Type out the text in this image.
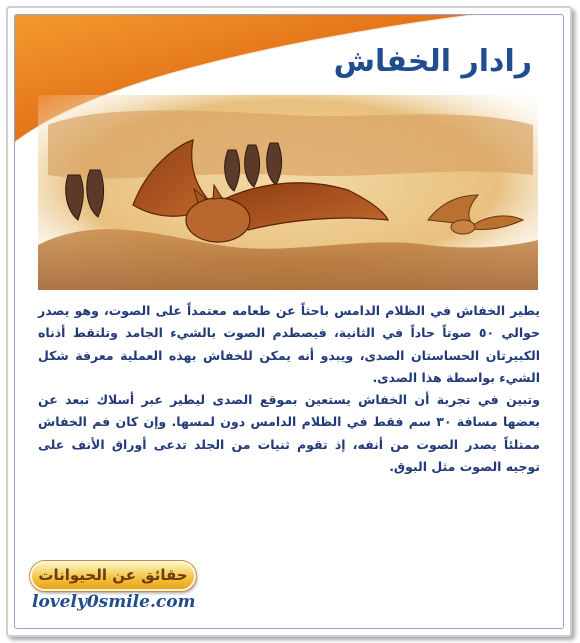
رادار الخفاش

يطير الخفاش في الظلام الدامس باحثاً عن طعامه معتمداً على الصوت، وهو يصدر حوالي ٥٠ صوتاً حاداً في الثانية، فيصطدم الصوت بالشيء الجامد وتلتقط أذناه الكبيرتان الحساستان الصدى، ويبدو أنه يمكن للخفاش بهذه العملية معرفة شكل الشيء بواسطة هذا الصدى.

وتبين في تجربة أن الخفاش يستعين بموقع الصدى ليطير عبر أسلاك تبعد عن بعضها مسافة ٣٠ سم فقط في الظلام الدامس دون لمسها. وإن كان فم الخفاش ممتلئاً يصدر الصوت من أنفه، إذ تقوم ثنيات من الجلد تدعى أوراق الأنف على توجيه الصوت مثل البوق.

حقائق عن الحيوانات
lovely0smile.com
